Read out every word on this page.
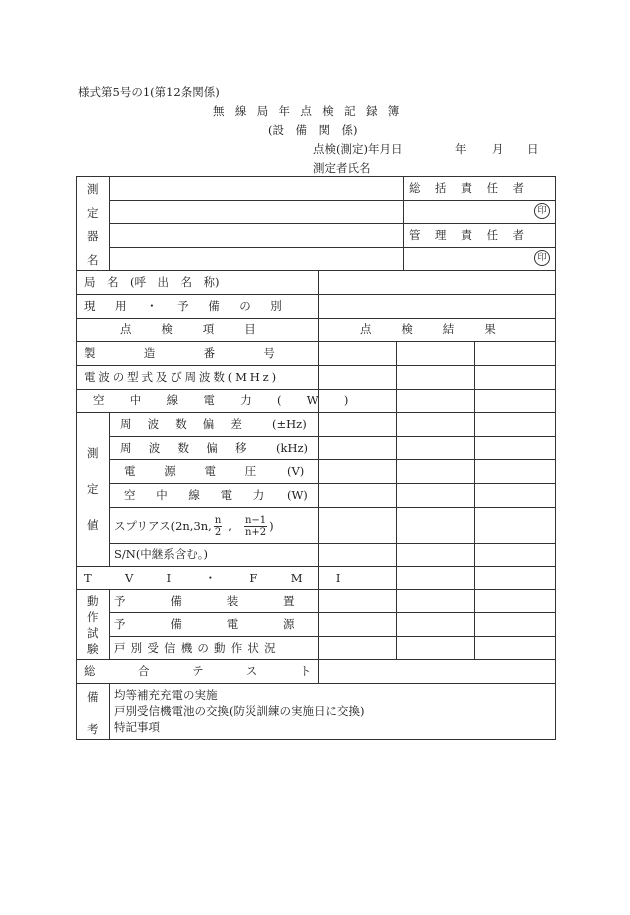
様式第5号の1(第12条関係)
無線局年点検記録簿
(設　備　関　係)
点検(測定)年月日	年 月 日
測定者氏名
測
定
器
名
総括責任者
印
管理責任者
印
局　名　(呼　出　名　称)
現用・予備の別
点検項目	点検結果
製造番号
電波の型式及び周波数(MHz)
空中線電力(W)
測
定
値
周波数偏差 (±Hz)
周波数偏移 (kHz)
電源電圧 (V)
空中線電力 (W)
スプリアス(2n,3n, $\frac{n}{2}$ , $\frac{n-1}{n+2}$ )
S/N(中継系含む。)
TVI・FMI
動
作
試
験
予備装置
予備電源
戸別受信機の動作状況
総合テスト
備
考
均等補充充電の実施
戸別受信機電池の交換(防災訓練の実施日に交換)
特記事項
